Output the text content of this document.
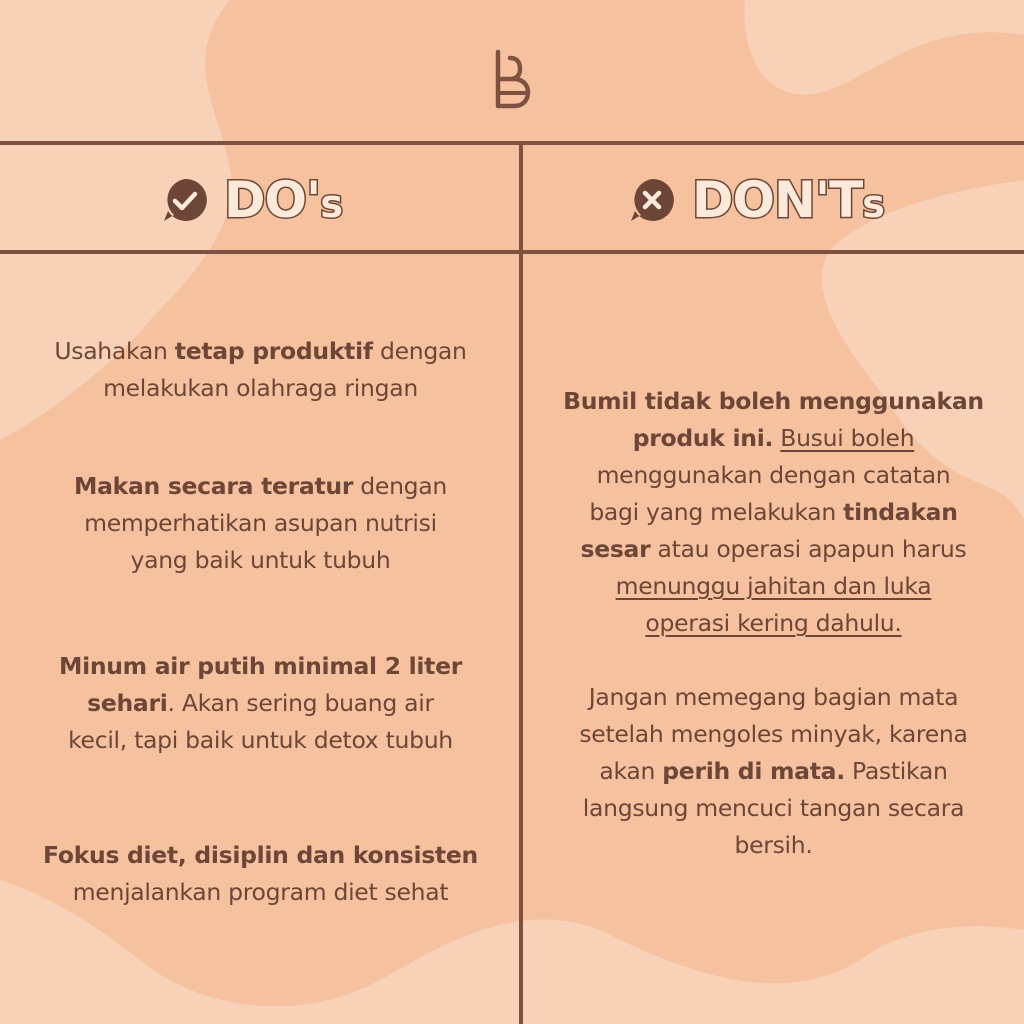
DO's	DON'Ts
Usahakan tetap produktif dengan
melakukan olahraga ringan
Makan secara teratur dengan
memperhatikan asupan nutrisi
yang baik untuk tubuh
Minum air putih minimal 2 liter
sehari. Akan sering buang air
kecil, tapi baik untuk detox tubuh
Fokus diet, disiplin dan konsisten
menjalankan program diet sehat
Bumil tidak boleh menggunakan
produk ini. Busui boleh
menggunakan dengan catatan
bagi yang melakukan tindakan
sesar atau operasi apapun harus
menunggu jahitan dan luka
operasi kering dahulu.
Jangan memegang bagian mata
setelah mengoles minyak, karena
akan perih di mata. Pastikan
langsung mencuci tangan secara
bersih.
